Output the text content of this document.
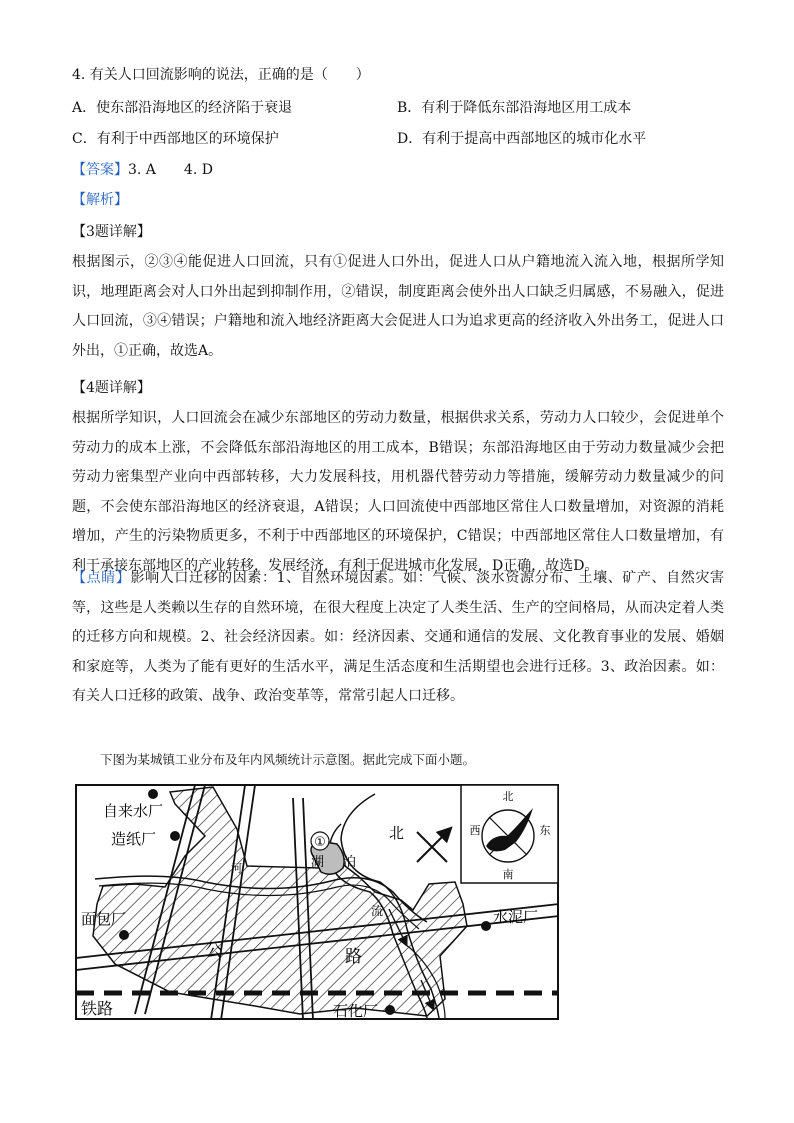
4. 有关人口回流影响的说法，正确的是（　　）
A．使东部沿海地区的经济陷于衰退	B．有利于降低东部沿海地区用工成本
C．有利于中西部地区的环境保护	D．有利于提高中西部地区的城市化水平
【答案】3. A　　4. D
【解析】
【3题详解】
根据图示，②③④能促进人口回流，只有①促进人口外出，促进人口从户籍地流入流入地，根据所学知识，地理距离会对人口外出起到抑制作用，②错误，制度距离会使外出人口缺乏归属感，不易融入，促进人口回流，③④错误；户籍地和流入地经济距离大会促进人口为追求更高的经济收入外出务工，促进人口外出，①正确，故选A。
【4题详解】
根据所学知识，人口回流会在减少东部地区的劳动力数量，根据供求关系，劳动力人口较少，会促进单个劳动力的成本上涨，不会降低东部沿海地区的用工成本，B错误；东部沿海地区由于劳动力数量减少会把劳动力密集型产业向中西部转移，大力发展科技，用机器代替劳动力等措施，缓解劳动力数量减少的问题，不会使东部沿海地区的经济衰退，A错误；人口回流使中西部地区常住人口数量增加，对资源的消耗增加，产生的污染物质更多，不利于中西部地区的环境保护，C错误；中西部地区常住人口数量增加，有利于承接东部地区的产业转移，发展经济，有利于促进城市化发展，D正确，故选D。
【点睛】影响人口迁移的因素：1、自然环境因素。如：气候、淡水资源分布、土壤、矿产、自然灾害等，这些是人类赖以生存的自然环境，在很大程度上决定了人类生活、生产的空间格局，从而决定着人类的迁移方向和规模。2、社会经济因素。如：经济因素、交通和通信的发展、文化教育事业的发展、婚姻和家庭等，人类为了能有更好的生活水平，满足生活态度和生活期望也会进行迁移。3、政治因素。如：有关人口迁移的政策、战争、政治变革等，常常引起人口迁移。
下图为某城镇工业分布及年内风频统计示意图。据此完成下面小题。
①
自来水厂
造纸厂
面包厂	水泥厂
石化厂
铁路
公	路
河
流
湖 泊
北
北
南
西	东
